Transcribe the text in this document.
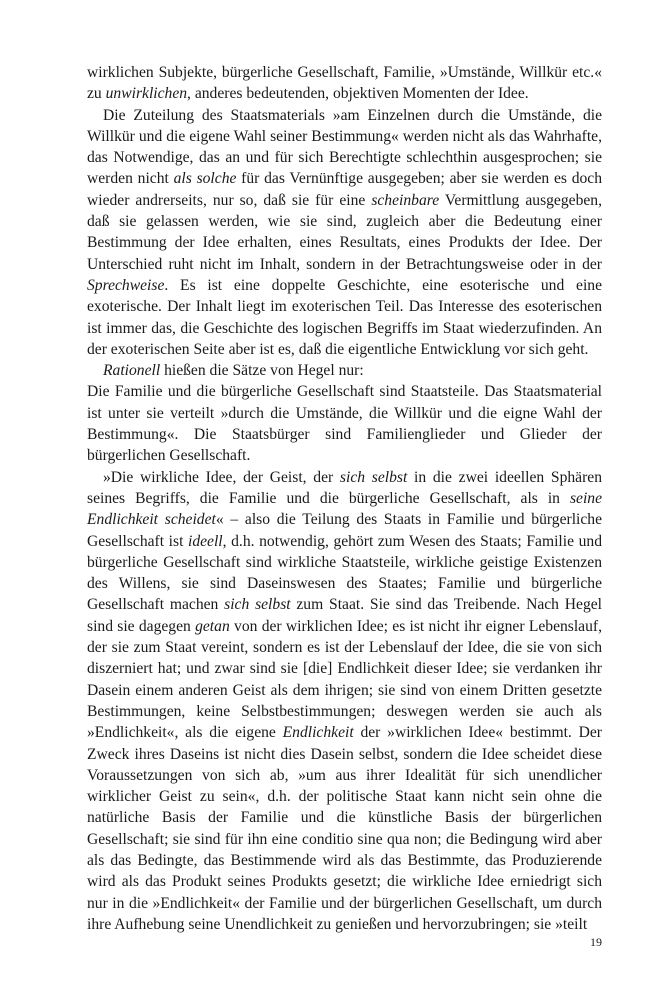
wirklichen Subjekte, bürgerliche Gesellschaft, Familie, »Umstände, Willkür etc.« zu unwirklichen, anderes bedeutenden, objektiven Momenten der Idee.

Die Zuteilung des Staatsmaterials »am Einzelnen durch die Umstände, die Willkür und die eigene Wahl seiner Bestimmung« werden nicht als das Wahrhafte, das Notwendige, das an und für sich Berechtigte schlechthin ausgesprochen; sie werden nicht als solche für das Vernünftige ausgegeben; aber sie werden es doch wieder andrerseits, nur so, daß sie für eine scheinbare Vermittlung ausgegeben, daß sie gelassen werden, wie sie sind, zugleich aber die Bedeutung einer Bestimmung der Idee erhalten, eines Resultats, eines Produkts der Idee. Der Unterschied ruht nicht im Inhalt, sondern in der Betrachtungsweise oder in der Sprechweise. Es ist eine doppelte Geschichte, eine esoterische und eine exoterische. Der Inhalt liegt im exoterischen Teil. Das Interesse des esoterischen ist immer das, die Geschichte des logischen Begriffs im Staat wiederzufinden. An der exoterischen Seite aber ist es, daß die eigentliche Entwicklung vor sich geht.

Rationell hießen die Sätze von Hegel nur:

Die Familie und die bürgerliche Gesellschaft sind Staatsteile. Das Staatsmaterial ist unter sie verteilt »durch die Umstände, die Willkür und die eigne Wahl der Bestimmung«. Die Staatsbürger sind Familienglieder und Glieder der bürgerlichen Gesellschaft.

»Die wirkliche Idee, der Geist, der sich selbst in die zwei ideellen Sphären seines Begriffs, die Familie und die bürgerliche Gesellschaft, als in seine Endlichkeit scheidet« – also die Teilung des Staats in Familie und bürgerliche Gesellschaft ist ideell, d.h. notwendig, gehört zum Wesen des Staats; Familie und bürgerliche Gesellschaft sind wirkliche Staatsteile, wirkliche geistige Existenzen des Willens, sie sind Daseinswesen des Staates; Familie und bürgerliche Gesellschaft machen sich selbst zum Staat. Sie sind das Treibende. Nach Hegel sind sie dagegen getan von der wirklichen Idee; es ist nicht ihr eigner Lebenslauf, der sie zum Staat vereint, sondern es ist der Lebenslauf der Idee, die sie von sich diszerniert hat; und zwar sind sie [die] Endlichkeit dieser Idee; sie verdanken ihr Dasein einem anderen Geist als dem ihrigen; sie sind von einem Dritten gesetzte Bestimmungen, keine Selbstbestimmungen; deswegen werden sie auch als »Endlichkeit«, als die eigene Endlichkeit der »wirklichen Idee« bestimmt. Der Zweck ihres Daseins ist nicht dies Dasein selbst, sondern die Idee scheidet diese Voraussetzungen von sich ab, »um aus ihrer Idealität für sich unendlicher wirklicher Geist zu sein«, d.h. der politische Staat kann nicht sein ohne die natürliche Basis der Familie und die künstliche Basis der bürgerlichen Gesellschaft; sie sind für ihn eine conditio sine qua non; die Bedingung wird aber als das Bedingte, das Bestimmende wird als das Bestimmte, das Produzierende wird als das Produkt seines Produkts gesetzt; die wirkliche Idee erniedrigt sich nur in die »Endlichkeit« der Familie und der bürgerlichen Gesellschaft, um durch ihre Aufhebung seine Unendlichkeit zu genießen und hervorzubringen; sie »teilt

19
